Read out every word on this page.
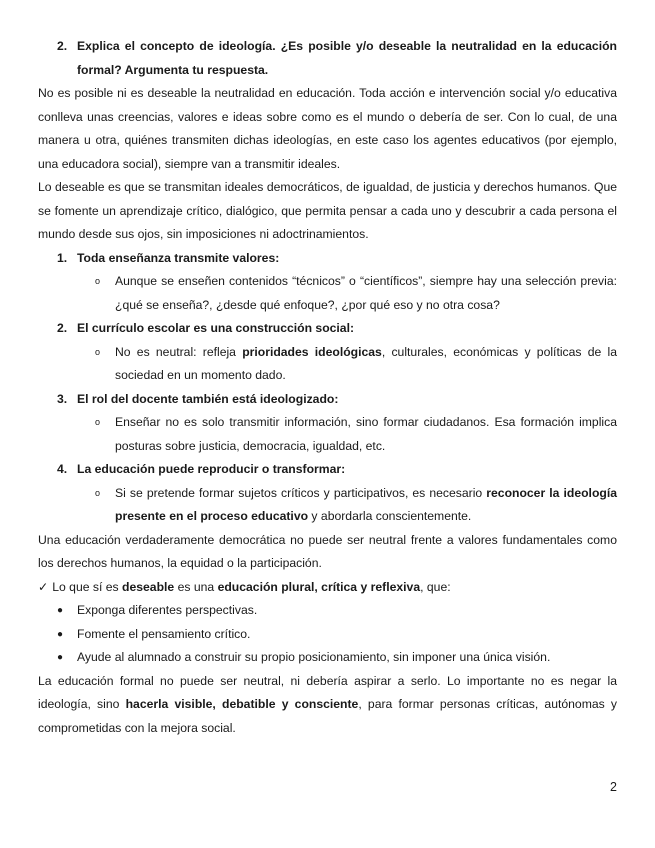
2. Explica el concepto de ideología. ¿Es posible y/o deseable la neutralidad en la educación formal? Argumenta tu respuesta.

No es posible ni es deseable la neutralidad en educación. Toda acción e intervención social y/o educativa conlleva unas creencias, valores e ideas sobre como es el mundo o debería de ser. Con lo cual, de una manera u otra, quiénes transmiten dichas ideologías, en este caso los agentes educativos (por ejemplo, una educadora social), siempre van a transmitir ideales.

Lo deseable es que se transmitan ideales democráticos, de igualdad, de justicia y derechos humanos. Que se fomente un aprendizaje crítico, dialógico, que permita pensar a cada uno y descubrir a cada persona el mundo desde sus ojos, sin imposiciones ni adoctrinamientos.

1. Toda enseñanza transmite valores:
o	Aunque se enseñen contenidos “técnicos” o “científicos”, siempre hay una selección previa: ¿qué se enseña?, ¿desde qué enfoque?, ¿por qué eso y no otra cosa?
2. El currículo escolar es una construcción social:
o	No es neutral: refleja prioridades ideológicas, culturales, económicas y políticas de la sociedad en un momento dado.
3. El rol del docente también está ideologizado:
o	Enseñar no es solo transmitir información, sino formar ciudadanos. Esa formación implica posturas sobre justicia, democracia, igualdad, etc.
4. La educación puede reproducir o transformar:
o	Si se pretende formar sujetos críticos y participativos, es necesario reconocer la ideología presente en el proceso educativo y abordarla conscientemente.

Una educación verdaderamente democrática no puede ser neutral frente a valores fundamentales como los derechos humanos, la equidad o la participación.

✓ Lo que sí es deseable es una educación plural, crítica y reflexiva, que:

●	Exponga diferentes perspectivas.
●	Fomente el pensamiento crítico.
●	Ayude al alumnado a construir su propio posicionamiento, sin imponer una única visión.

La educación formal no puede ser neutral, ni debería aspirar a serlo. Lo importante no es negar la ideología, sino hacerla visible, debatible y consciente, para formar personas críticas, autónomas y comprometidas con la mejora social.

2
